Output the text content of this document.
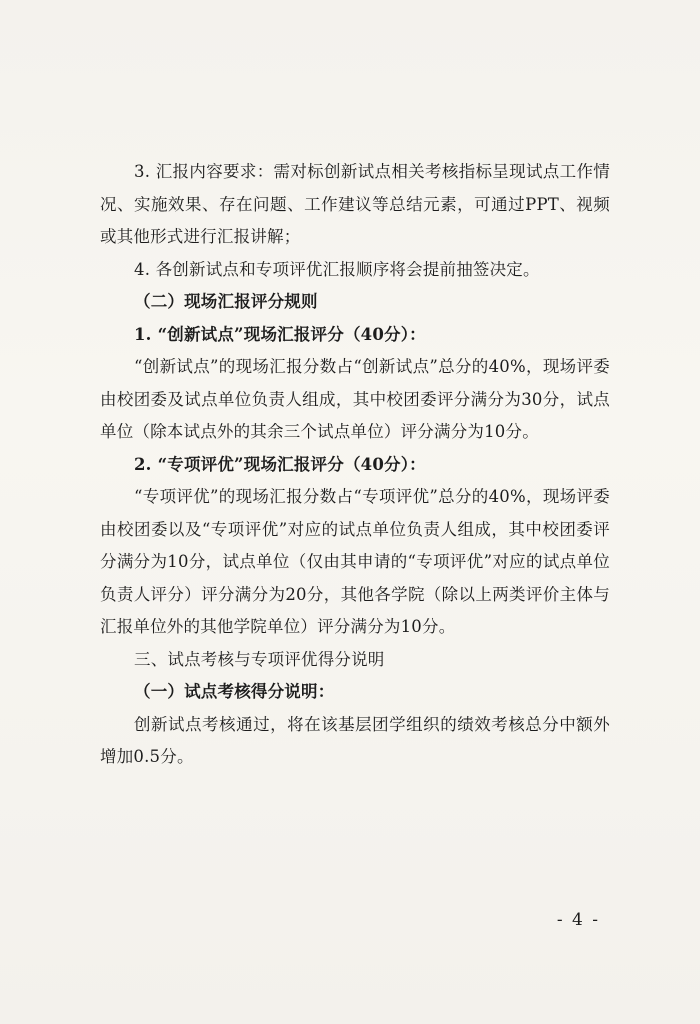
3. 汇报内容要求：需对标创新试点相关考核指标呈现试点工作情况、实施效果、存在问题、工作建议等总结元素，可通过PPT、视频或其他形式进行汇报讲解；

4. 各创新试点和专项评优汇报顺序将会提前抽签决定。

（二）现场汇报评分规则

1. “创新试点”现场汇报评分（40分）：

“创新试点”的现场汇报分数占“创新试点”总分的40%，现场评委由校团委及试点单位负责人组成，其中校团委评分满分为30分，试点单位（除本试点外的其余三个试点单位）评分满分为10分。

2. “专项评优”现场汇报评分（40分）：

“专项评优”的现场汇报分数占“专项评优”总分的40%，现场评委由校团委以及“专项评优”对应的试点单位负责人组成，其中校团委评分满分为10分，试点单位（仅由其申请的“专项评优”对应的试点单位负责人评分）评分满分为20分，其他各学院（除以上两类评价主体与汇报单位外的其他学院单位）评分满分为10分。

三、试点考核与专项评优得分说明

（一）试点考核得分说明：

创新试点考核通过，将在该基层团学组织的绩效考核总分中额外增加0.5分。

- 4 -
